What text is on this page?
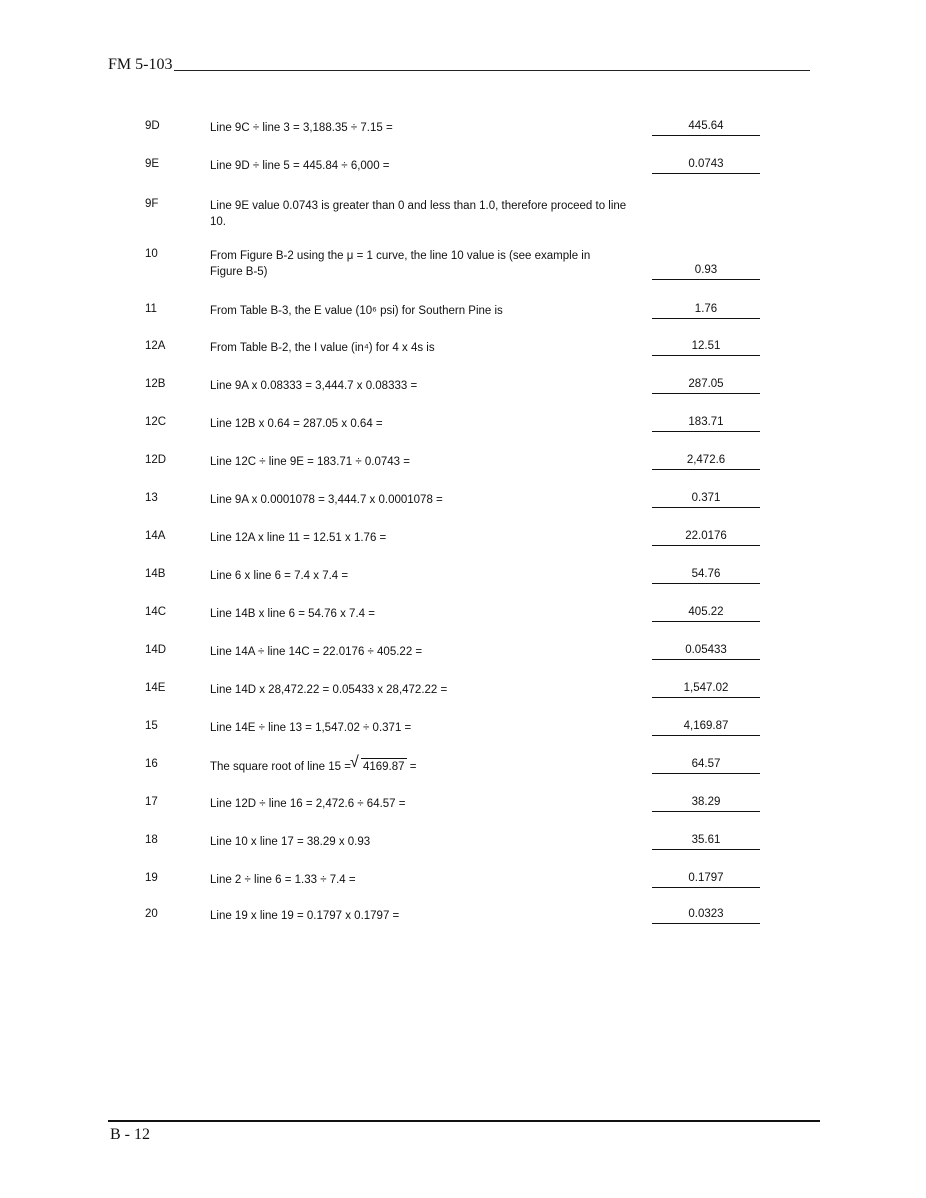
FM 5-103
9D	Line 9C ÷ line 3 = 3,188.35 ÷ 7.15 =	445.64
9E	Line 9D ÷ line 5 = 445.84 ÷ 6,000 =	0.0743
9F	Line 9E value 0.0743 is greater than 0 and less than 1.0, therefore proceed to line 10.
10	From Figure B-2 using the μ = 1 curve, the line 10 value is (see example in Figure B-5)	0.93
11	From Table B-3, the E value (10⁶ psi) for Southern Pine is	1.76
12A	From Table B-2, the I value (in⁴) for 4 x 4s is	12.51
12B	Line 9A x 0.08333 = 3,444.7 x 0.08333 =	287.05
12C	Line 12B x 0.64 = 287.05 x 0.64 =	183.71
12D	Line 12C ÷ line 9E = 183.71 ÷ 0.0743 =	2,472.6
13	Line 9A x 0.0001078 = 3,444.7 x 0.0001078 =	0.371
14A	Line 12A x line 11 = 12.51 x 1.76 =	22.0176
14B	Line 6 x line 6 = 7.4 x 7.4 =	54.76
14C	Line 14B x line 6 = 54.76 x 7.4 =	405.22
14D	Line 14A ÷ line 14C = 22.0176 ÷ 405.22 =	0.05433
14E	Line 14D x 28,472.22 = 0.05433 x 28,472.22 =	1,547.02
15	Line 14E ÷ line 13 = 1,547.02 ÷ 0.371 =	4,169.87
16	The square root of line 15 =√ 4169.87 =	64.57
17	Line 12D ÷ line 16 = 2,472.6 ÷ 64.57 =	38.29
18	Line 10 x line 17 = 38.29 x 0.93	35.61
19	Line 2 ÷ line 6 = 1.33 ÷ 7.4 =	0.1797
20	Line 19 x line 19 = 0.1797 x 0.1797 =	0.0323
B - 12
